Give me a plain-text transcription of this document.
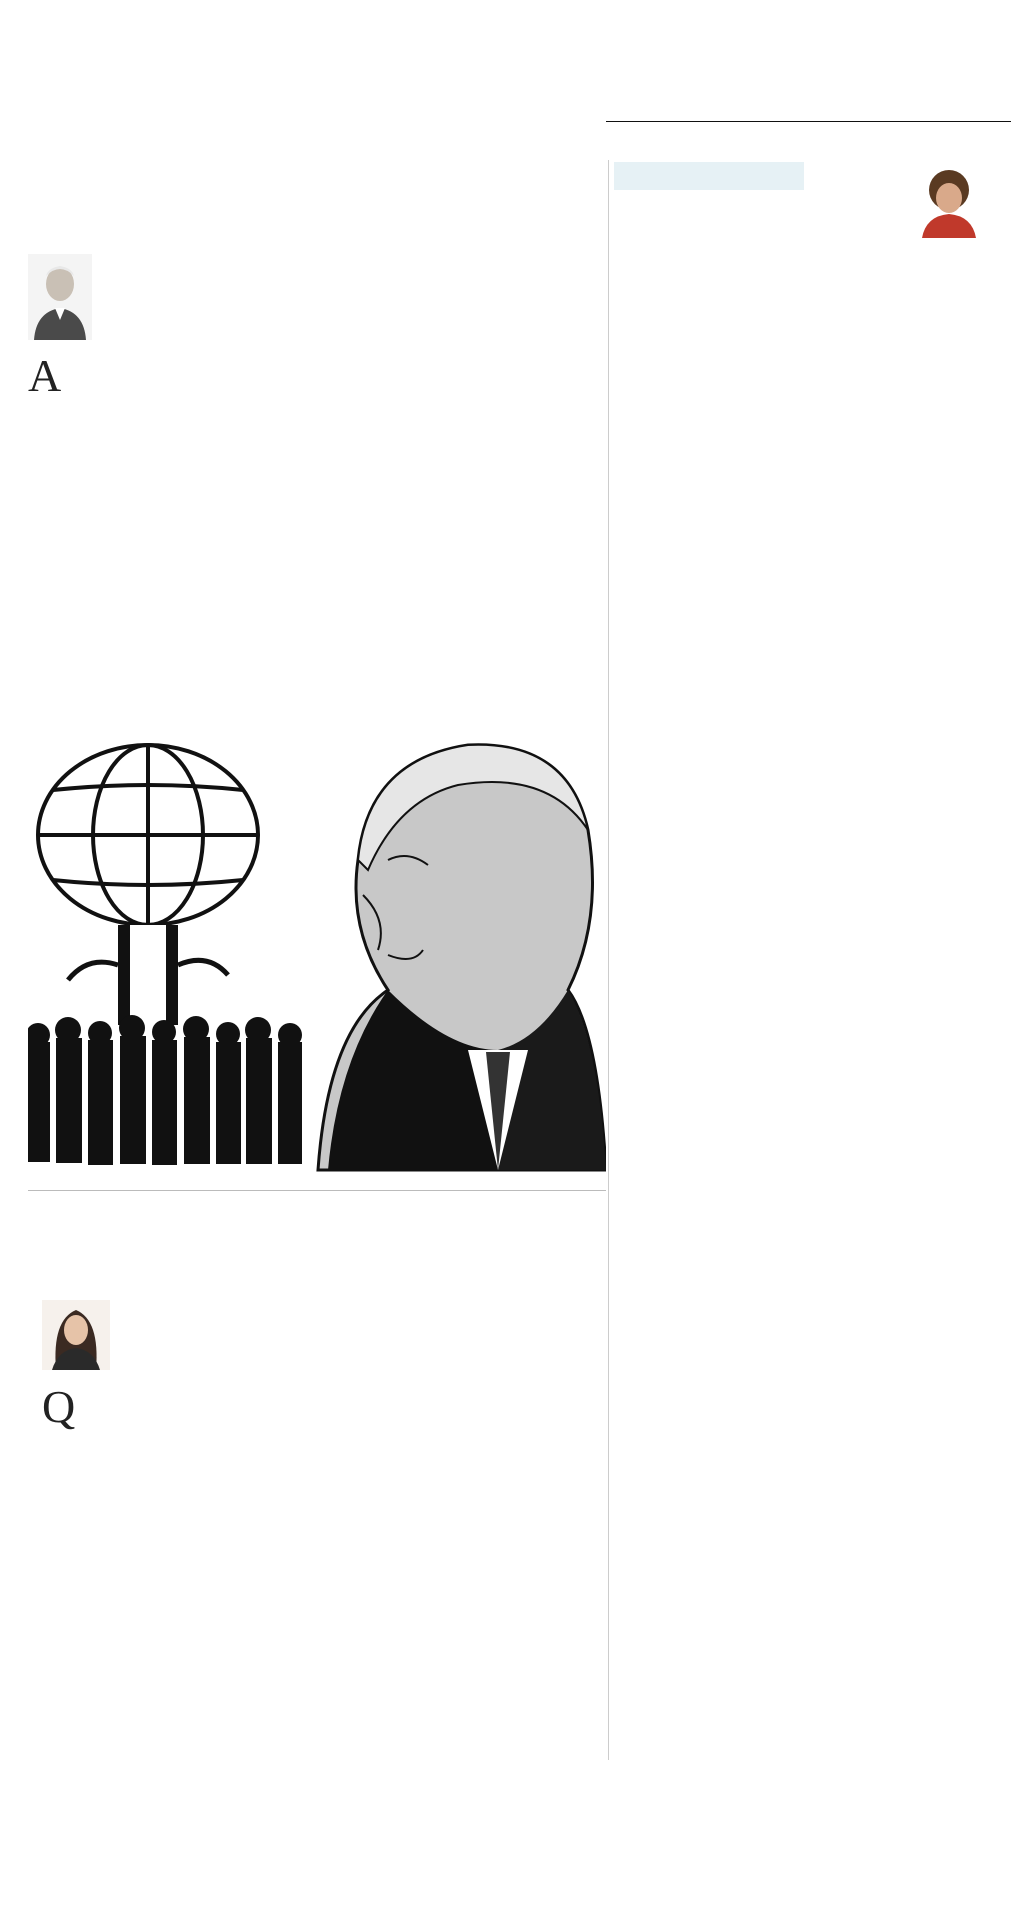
A

Q
